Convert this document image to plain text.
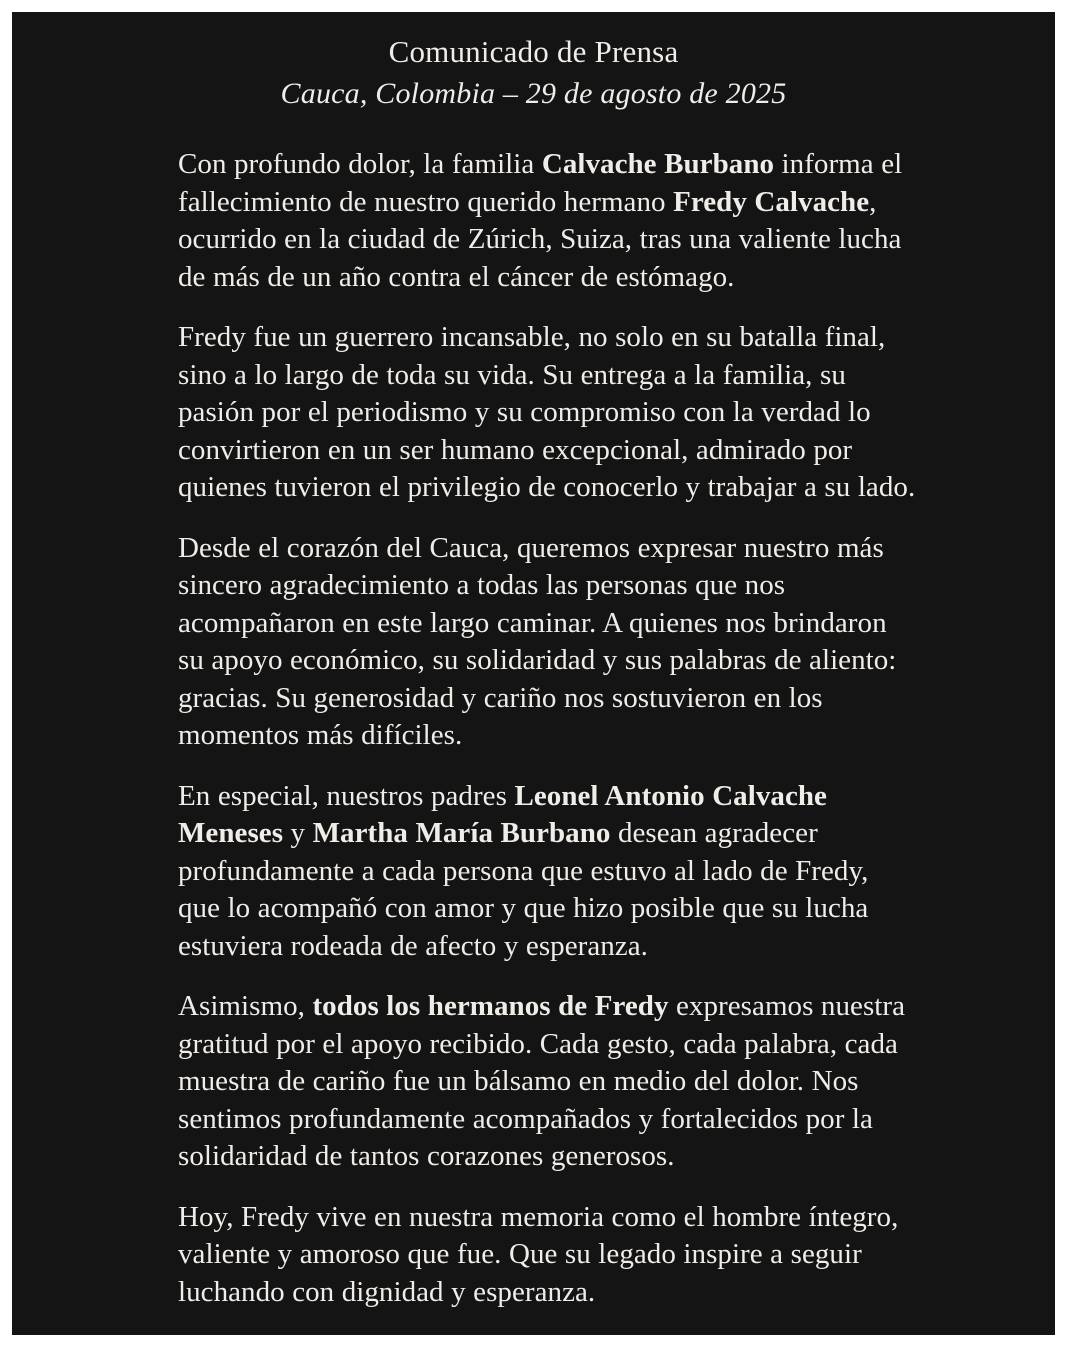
Comunicado de Prensa
Cauca, Colombia – 29 de agosto de 2025

Con profundo dolor, la familia Calvache Burbano informa el fallecimiento de nuestro querido hermano Fredy Calvache, ocurrido en la ciudad de Zúrich, Suiza, tras una valiente lucha de más de un año contra el cáncer de estómago.

Fredy fue un guerrero incansable, no solo en su batalla final, sino a lo largo de toda su vida. Su entrega a la familia, su pasión por el periodismo y su compromiso con la verdad lo convirtieron en un ser humano excepcional, admirado por quienes tuvieron el privilegio de conocerlo y trabajar a su lado.

Desde el corazón del Cauca, queremos expresar nuestro más sincero agradecimiento a todas las personas que nos acompañaron en este largo caminar. A quienes nos brindaron su apoyo económico, su solidaridad y sus palabras de aliento: gracias. Su generosidad y cariño nos sostuvieron en los momentos más difíciles.

En especial, nuestros padres Leonel Antonio Calvache Meneses y Martha María Burbano desean agradecer profundamente a cada persona que estuvo al lado de Fredy, que lo acompañó con amor y que hizo posible que su lucha estuviera rodeada de afecto y esperanza.

Asimismo, todos los hermanos de Fredy expresamos nuestra gratitud por el apoyo recibido. Cada gesto, cada palabra, cada muestra de cariño fue un bálsamo en medio del dolor. Nos sentimos profundamente acompañados y fortalecidos por la solidaridad de tantos corazones generosos.

Hoy, Fredy vive en nuestra memoria como el hombre íntegro, valiente y amoroso que fue. Que su legado inspire a seguir luchando con dignidad y esperanza.
